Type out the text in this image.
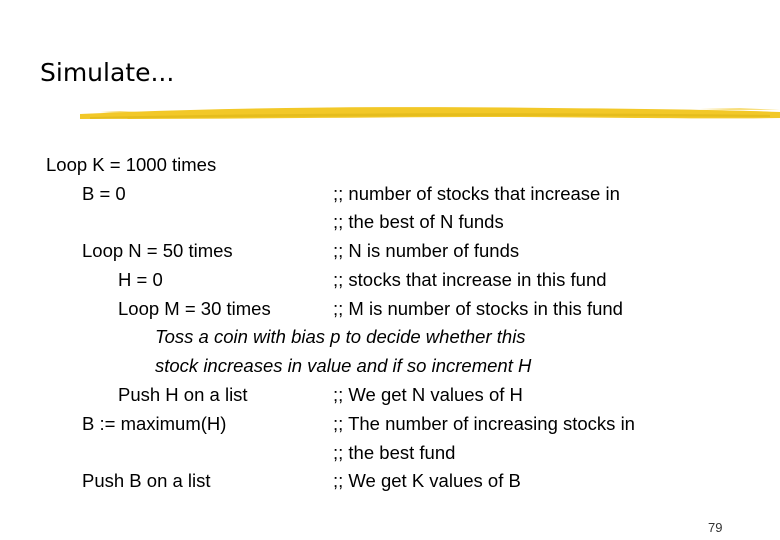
Simulate...
Loop K = 1000 times
B = 0	;; number of stocks that increase in
;; the best of N funds
Loop N = 50 times	;; N is number of funds
H = 0	;; stocks that increase in this fund
Loop M = 30 times	;; M is number of stocks in this fund
Toss a coin with bias p to decide whether this
stock increases in value and if so increment H
Push H on a list	;; We get N values of H
B := maximum(H)	;; The number of increasing stocks in
;; the best fund
Push B on a list	;; We get K values of B
79
